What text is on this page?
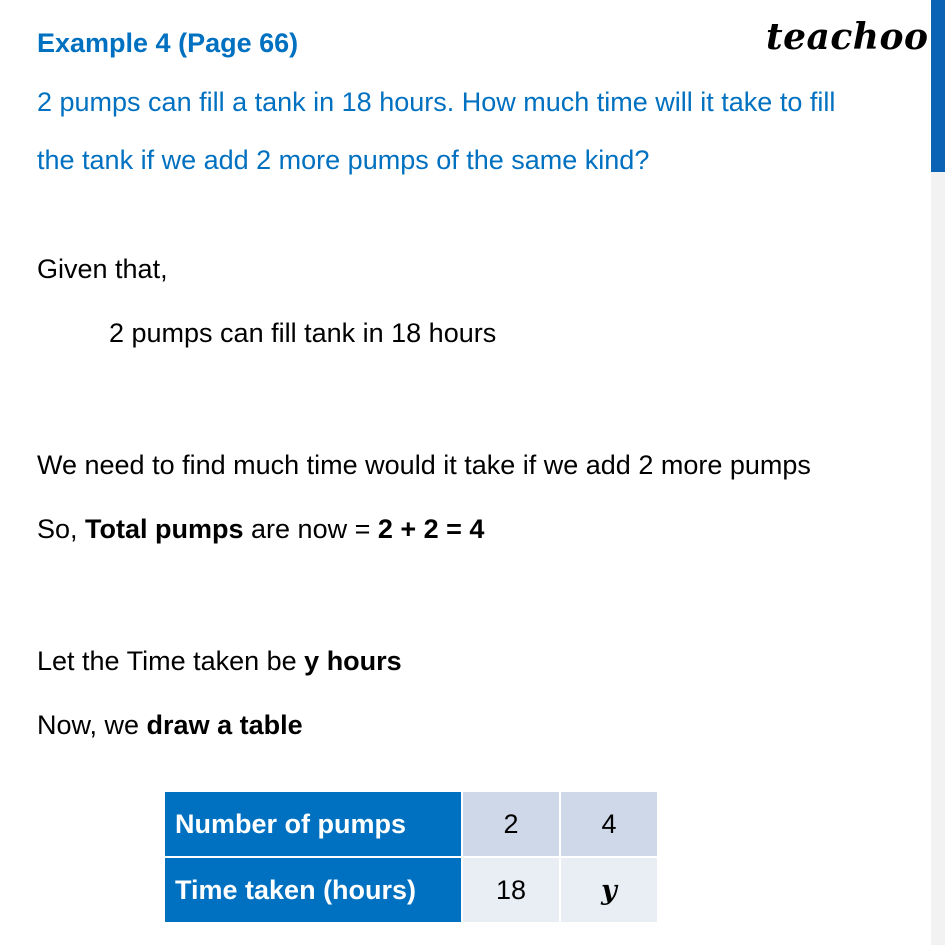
Example 4 (Page 66)	teachoo
2 pumps can fill a tank in 18 hours. How much time will it take to fill
the tank if we add 2 more pumps of the same kind?
Given that,
2 pumps can fill tank in 18 hours
We need to find much time would it take if we add 2 more pumps
So, Total pumps are now = 2 + 2 = 4
Let the Time taken be y hours
Now, we draw a table
Number of pumps	2	4
Time taken (hours)	18	y
